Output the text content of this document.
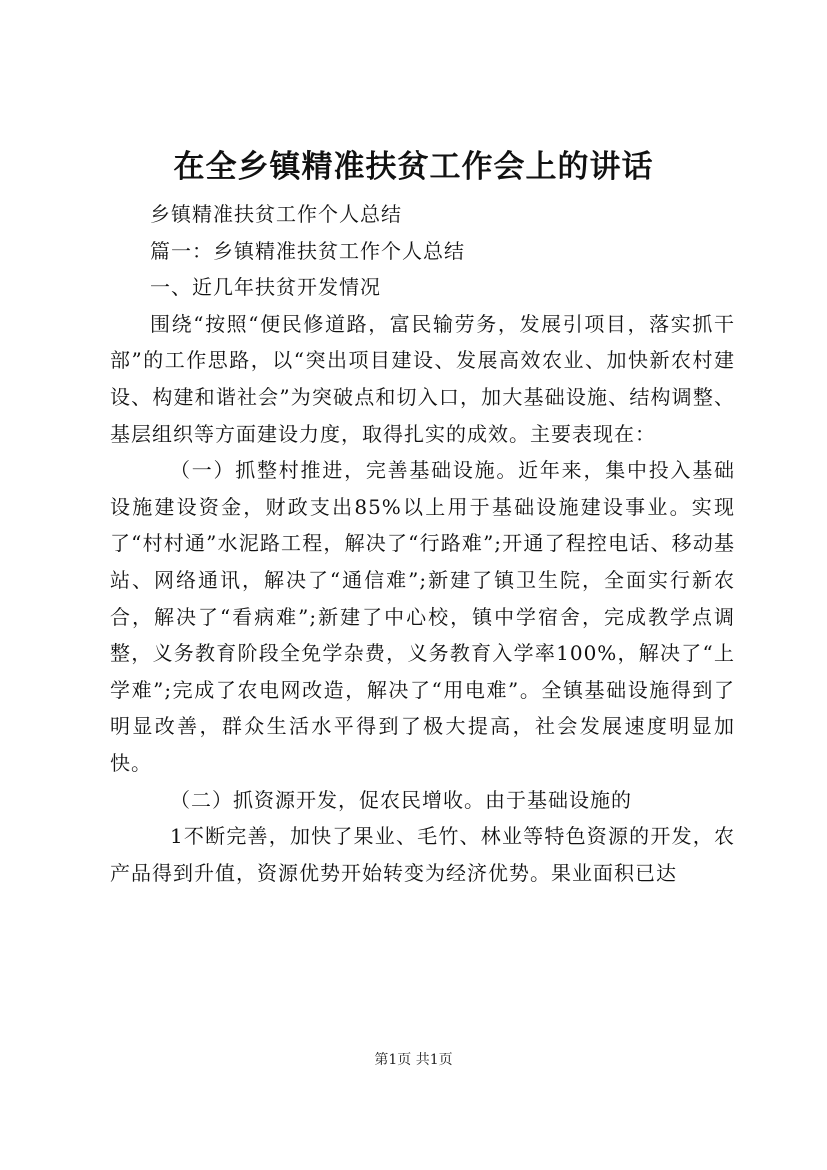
在全乡镇精准扶贫工作会上的讲话

乡镇精准扶贫工作个人总结

篇一：乡镇精准扶贫工作个人总结

一、近几年扶贫开发情况

围绕“按照“便民修道路，富民输劳务，发展引项目，落实抓干部”的工作思路，以“突出项目建设、发展高效农业、加快新农村建设、构建和谐社会”为突破点和切入口，加大基础设施、结构调整、基层组织等方面建设力度，取得扎实的成效。主要表现在：

（一）抓整村推进，完善基础设施。近年来，集中投入基础设施建设资金，财政支出85%以上用于基础设施建设事业。实现了“村村通”水泥路工程，解决了“行路难”;开通了程控电话、移动基站、网络通讯，解决了“通信难”;新建了镇卫生院，全面实行新农合，解决了“看病难”;新建了中心校，镇中学宿舍，完成教学点调整，义务教育阶段全免学杂费，义务教育入学率100%，解决了“上学难”;完成了农电网改造，解决了“用电难”。全镇基础设施得到了明显改善，群众生活水平得到了极大提高，社会发展速度明显加快。

（二）抓资源开发，促农民增收。由于基础设施的

1不断完善，加快了果业、毛竹、林业等特色资源的开发，农产品得到升值，资源优势开始转变为经济优势。果业面积已达

第1页 共1页
